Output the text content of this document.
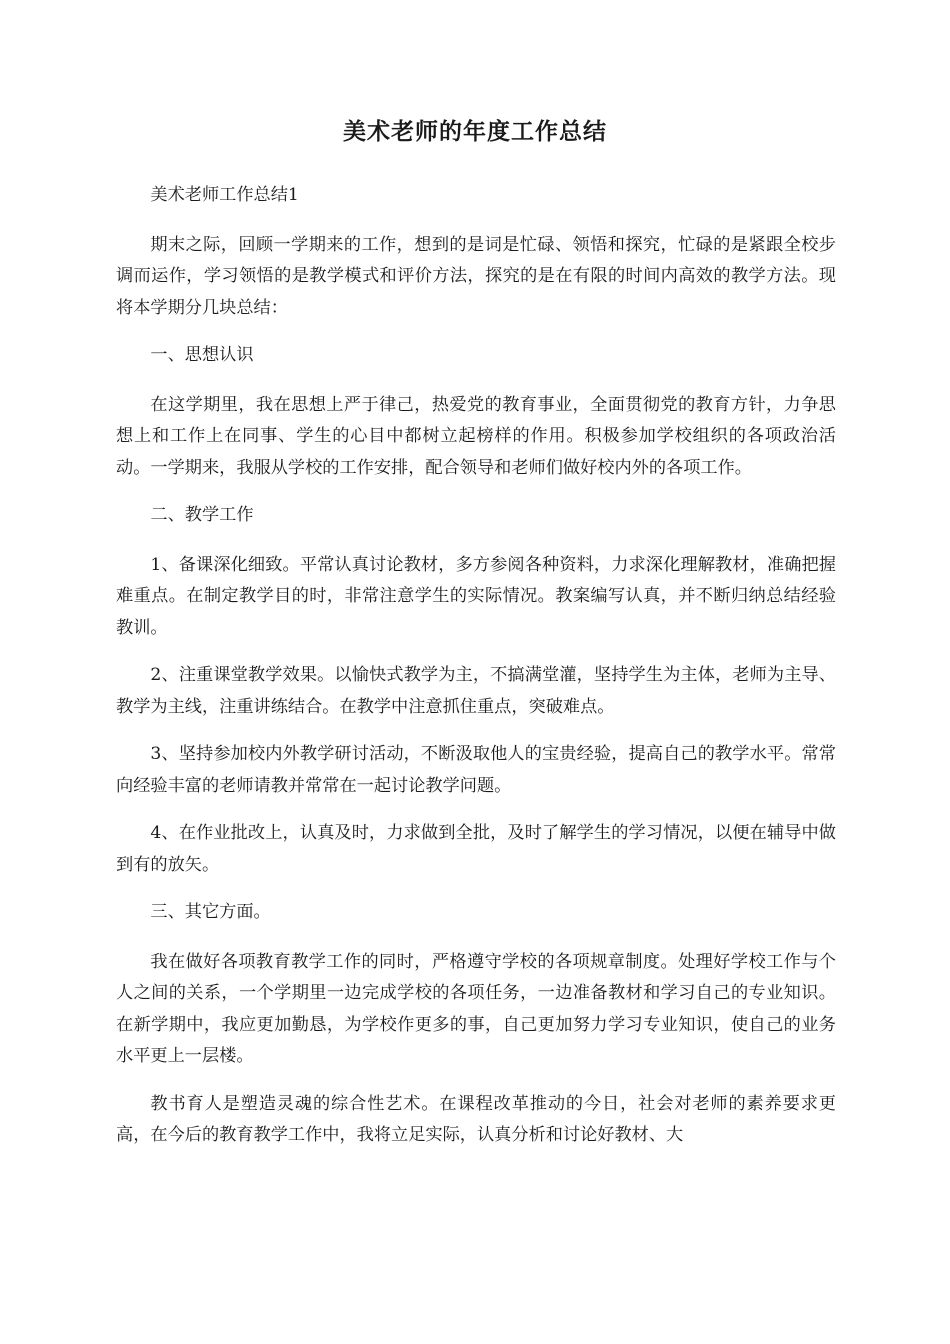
美术老师的年度工作总结

美术老师工作总结1

期末之际，回顾一学期来的工作，想到的是词是忙碌、领悟和探究，忙碌的是紧跟全校步调而运作，学习领悟的是教学模式和评价方法，探究的是在有限的时间内高效的教学方法。现将本学期分几块总结：

一、思想认识

在这学期里，我在思想上严于律己，热爱党的教育事业，全面贯彻党的教育方针，力争思想上和工作上在同事、学生的心目中都树立起榜样的作用。积极参加学校组织的各项政治活动。一学期来，我服从学校的工作安排，配合领导和老师们做好校内外的各项工作。

二、教学工作

1、备课深化细致。平常认真讨论教材，多方参阅各种资料，力求深化理解教材，准确把握难重点。在制定教学目的时，非常注意学生的实际情况。教案编写认真，并不断归纳总结经验教训。

2、注重课堂教学效果。以愉快式教学为主，不搞满堂灌，坚持学生为主体，老师为主导、教学为主线，注重讲练结合。在教学中注意抓住重点，突破难点。

3、坚持参加校内外教学研讨活动，不断汲取他人的宝贵经验，提高自己的教学水平。常常向经验丰富的老师请教并常常在一起讨论教学问题。

4、在作业批改上，认真及时，力求做到全批，及时了解学生的学习情况，以便在辅导中做到有的放矢。

三、其它方面。

我在做好各项教育教学工作的同时，严格遵守学校的各项规章制度。处理好学校工作与个人之间的关系，一个学期里一边完成学校的各项任务，一边准备教材和学习自己的专业知识。在新学期中，我应更加勤恳，为学校作更多的事，自己更加努力学习专业知识，使自己的业务水平更上一层楼。

教书育人是塑造灵魂的综合性艺术。在课程改革推动的今日，社会对老师的素养要求更高，在今后的教育教学工作中，我将立足实际，认真分析和讨论好教材、大
